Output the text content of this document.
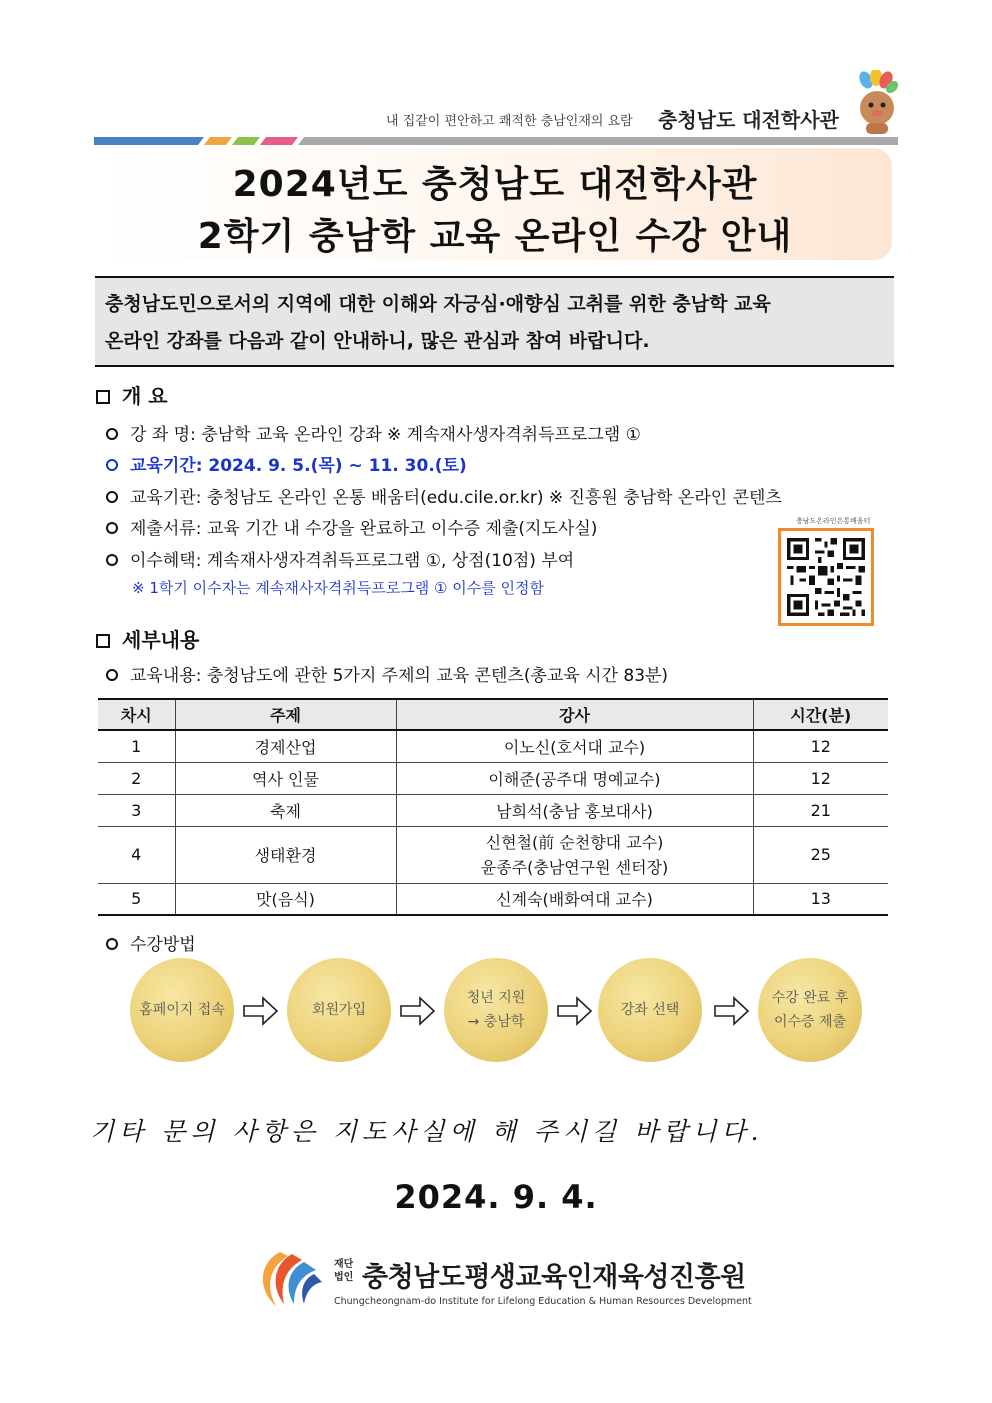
내 집같이 편안하고 쾌적한 충남인재의 요람 충청남도 대전학사관
2024년도 충청남도 대전학사관
2학기 충남학 교육 온라인 수강 안내
충청남도민으로서의 지역에 대한 이해와 자긍심·애향심 고취를 위한 충남학 교육
온라인 강좌를 다음과 같이 안내하니, 많은 관심과 참여 바랍니다.
개 요
강 좌 명: 충남학 교육 온라인 강좌 ※ 계속재사생자격취득프로그램 ①
교육기간: 2024. 9. 5.(목) ~ 11. 30.(토)
교육기관: 충청남도 온라인 온통 배움터(edu.cile.or.kr) ※ 진흥원 충남학 온라인 콘텐츠
제출서류: 교육 기간 내 수강을 완료하고 이수증 제출(지도사실)
이수혜택: 계속재사생자격취득프로그램 ①, 상점(10점) 부여
※ 1학기 이수자는 계속재사자격취득프로그램 ① 이수를 인정함
충남도온라인온통배움터
세부내용
교육내용: 충청남도에 관한 5가지 주제의 교육 콘텐츠(총교육 시간 83분)
차시	주제	강사	시간(분)
1	경제산업	이노신(호서대 교수)	12
2	역사 인물	이해준(공주대 명예교수)	12
3	축제	남희석(충남 홍보대사)	21
4	생태환경	신현철(前 순천향대 교수)
윤종주(충남연구원 센터장)	25
5	맛(음식)	신계숙(배화여대 교수)	13
수강방법
홈페이지 접속	회원가입
청년 지원
→ 충남학
강좌 선택
수강 완료 후
이수증 제출
기타 문의 사항은 지도사실에 해 주시길 바랍니다.
2024. 9. 4.
재단
법인 충청남도평생교육인재육성진흥원
Chungcheongnam-do Institute for Lifelong Education & Human Resources Development
